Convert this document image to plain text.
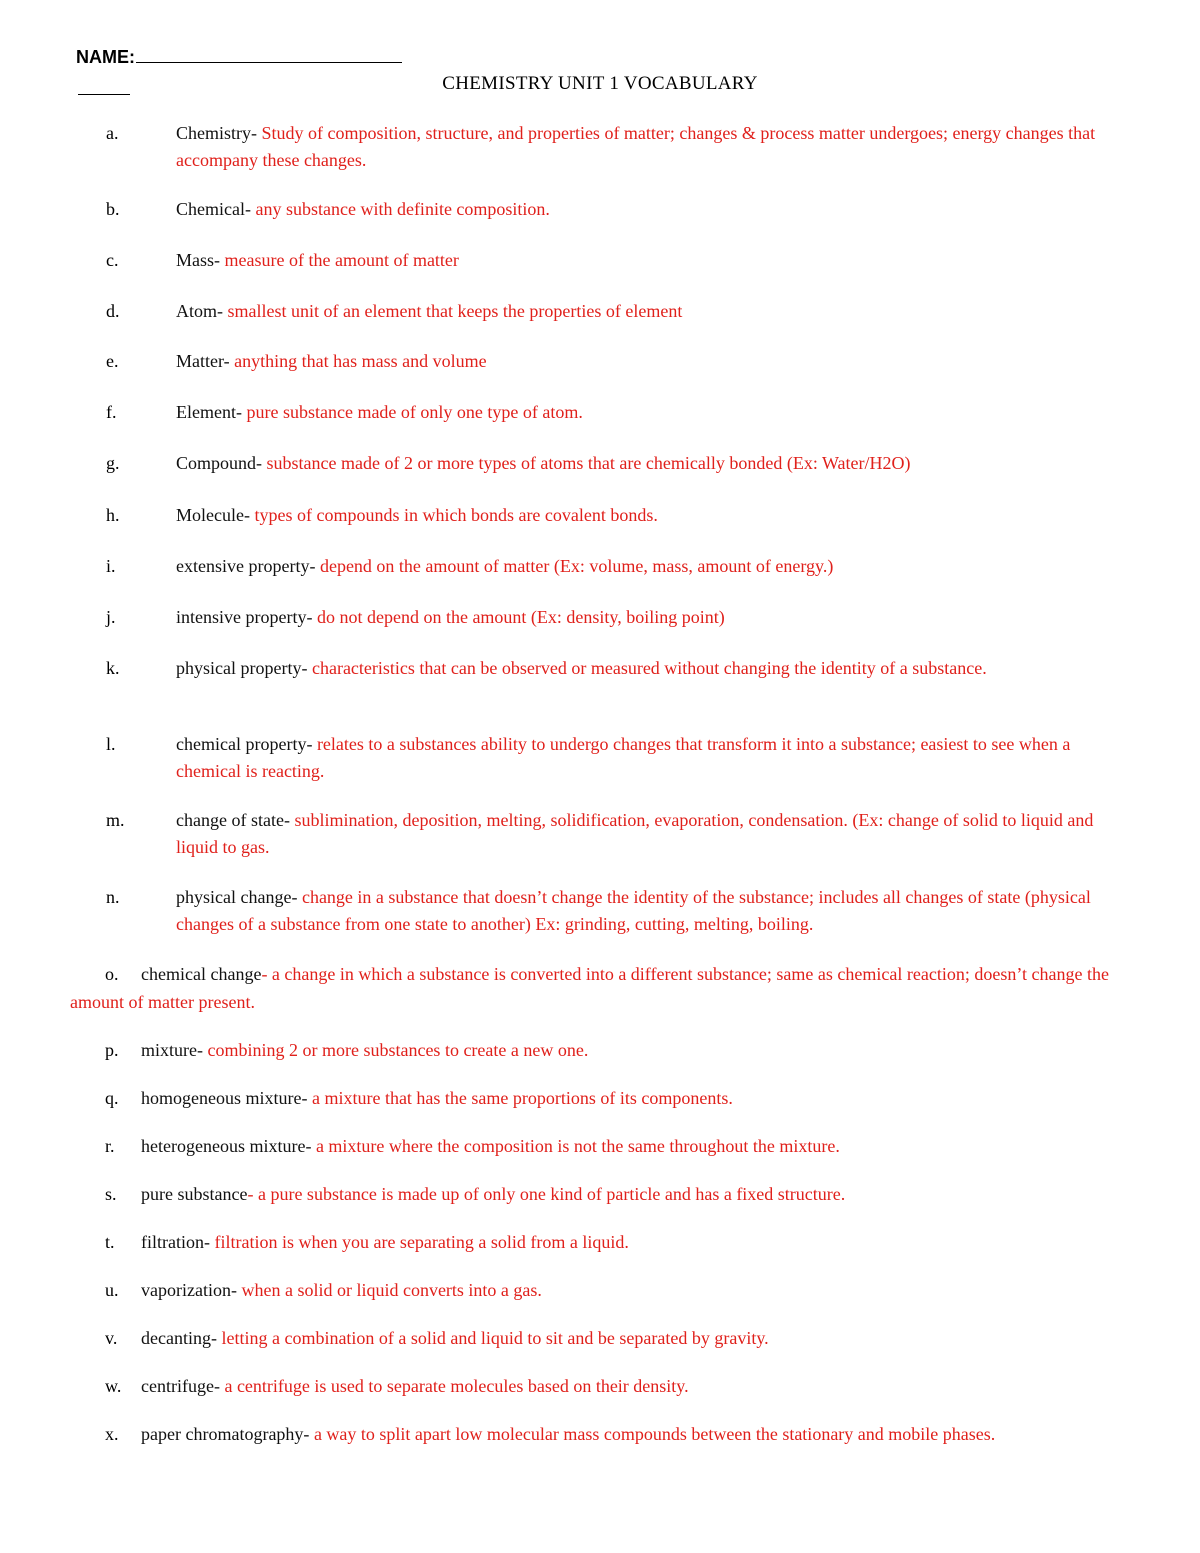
NAME:
CHEMISTRY UNIT 1 VOCABULARY
a.	Chemistry- Study of composition, structure, and properties of matter; changes & process matter undergoes; energy changes that accompany these changes.
b.	Chemical- any substance with definite composition.
c.	Mass- measure of the amount of matter
d.	Atom- smallest unit of an element that keeps the properties of element
e.	Matter- anything that has mass and volume
f.	Element- pure substance made of only one type of atom.
g.	Compound- substance made of 2 or more types of atoms that are chemically bonded (Ex: Water/H2O)
h.	Molecule- types of compounds in which bonds are covalent bonds.
i.	extensive property- depend on the amount of matter (Ex: volume, mass, amount of energy.)
j.	intensive property- do not depend on the amount (Ex: density, boiling point)
k.	physical property- characteristics that can be observed or measured without changing the identity of a substance.
l.	chemical property- relates to a substances ability to undergo changes that transform it into a substance; easiest to see when a chemical is reacting.
m.	change of state- sublimination, deposition, melting, solidification, evaporation, condensation. (Ex: change of solid to liquid and liquid to gas.
n.	physical change- change in a substance that doesn’t change the identity of the substance; includes all changes of state (physical changes of a substance from one state to another) Ex: grinding, cutting, melting, boiling.
o. chemical change- a change in which a substance is converted into a different substance; same as chemical reaction; doesn’t change the amount of matter present.
p. mixture- combining 2 or more substances to create a new one.
q. homogeneous mixture- a mixture that has the same proportions of its components.
r. heterogeneous mixture- a mixture where the composition is not the same throughout the mixture.
s. pure substance- a pure substance is made up of only one kind of particle and has a fixed structure.
t. filtration- filtration is when you are separating a solid from a liquid.
u. vaporization- when a solid or liquid converts into a gas.
v. decanting- letting a combination of a solid and liquid to sit and be separated by gravity.
w. centrifuge- a centrifuge is used to separate molecules based on their density.
x. paper chromatography- a way to split apart low molecular mass compounds between the stationary and mobile phases.
